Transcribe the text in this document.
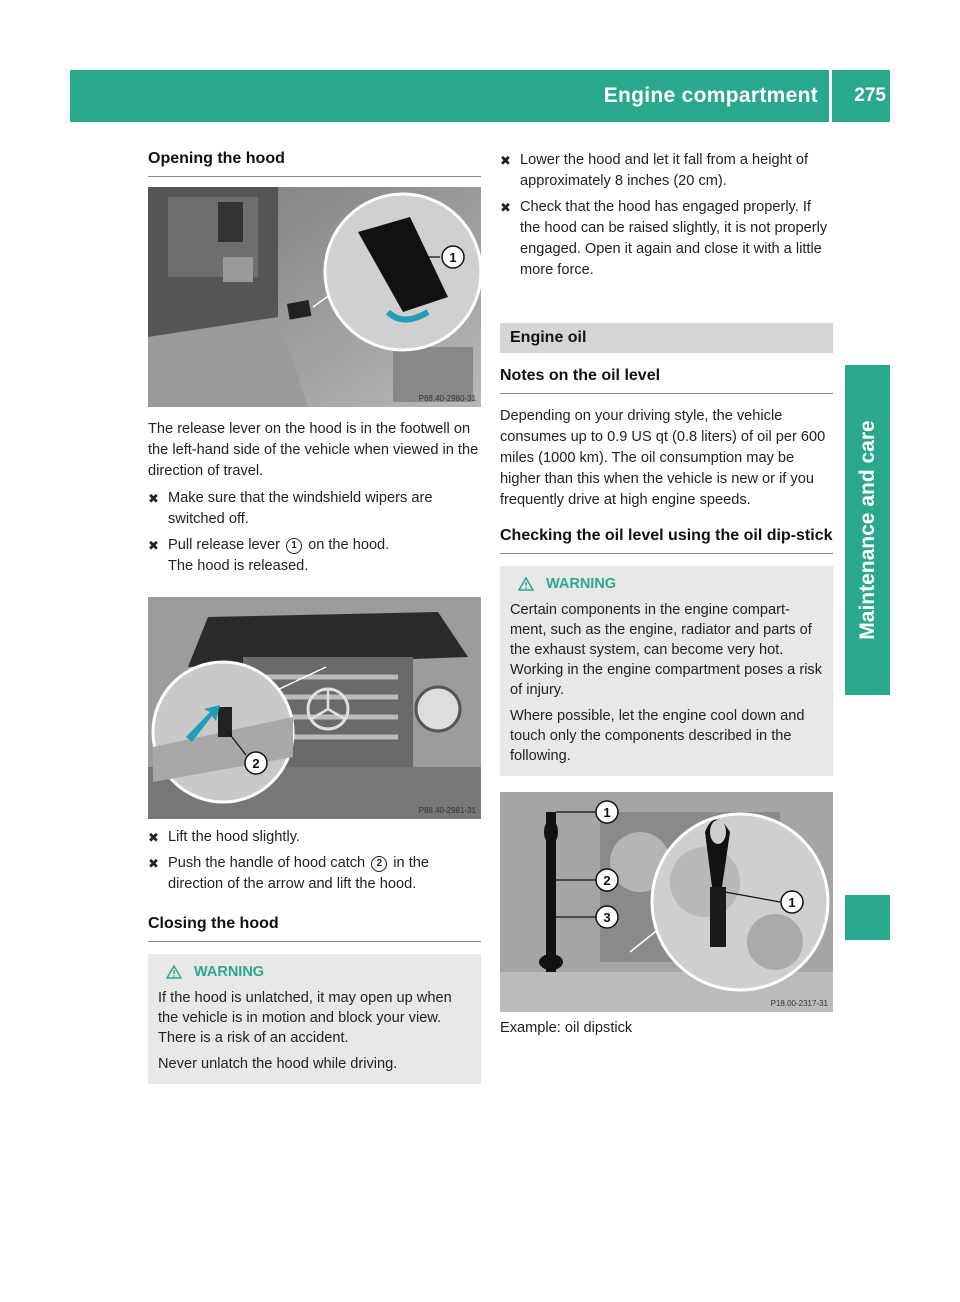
Engine compartment 275
Maintenance and care
Opening the hood
1
P88.40-2980-31

The release lever on the hood is in the footwell on the left-hand side of the vehicle when viewed in the direction of travel.

✖ Make sure that the windshield wipers are switched off.
✖ Pull release lever 1 on the hood.
The hood is released.
2
P88.40-2981-31
✖ Lift the hood slightly.
✖ Push the handle of hood catch 2 in the direction of the arrow and lift the hood.
Closing the hood
WARNING

If the hood is unlatched, it may open up when the vehicle is in motion and block your view. There is a risk of an accident.

Never unlatch the hood while driving.

✖ Lower the hood and let it fall from a height of approximately 8 inches (20 cm).
✖ Check that the hood has engaged properly. If the hood can be raised slightly, it is not properly engaged. Open it again and close it with a little more force.
Engine oil
Notes on the oil level

Depending on your driving style, the vehicle consumes up to 0.9 US qt (0.8 liters) of oil per 600 miles (1000 km). The oil consumption may be higher than this when the vehicle is new or if you frequently drive at high engine speeds.

Checking the oil level using the oil dip-stick
WARNING

Certain components in the engine compart-ment, such as the engine, radiator and parts of the exhaust system, can become very hot. Working in the engine compartment poses a risk of injury.

Where possible, let the engine cool down and touch only the components described in the following.

1
2
3
1
P18.00-2317-31
Example: oil dipstick
